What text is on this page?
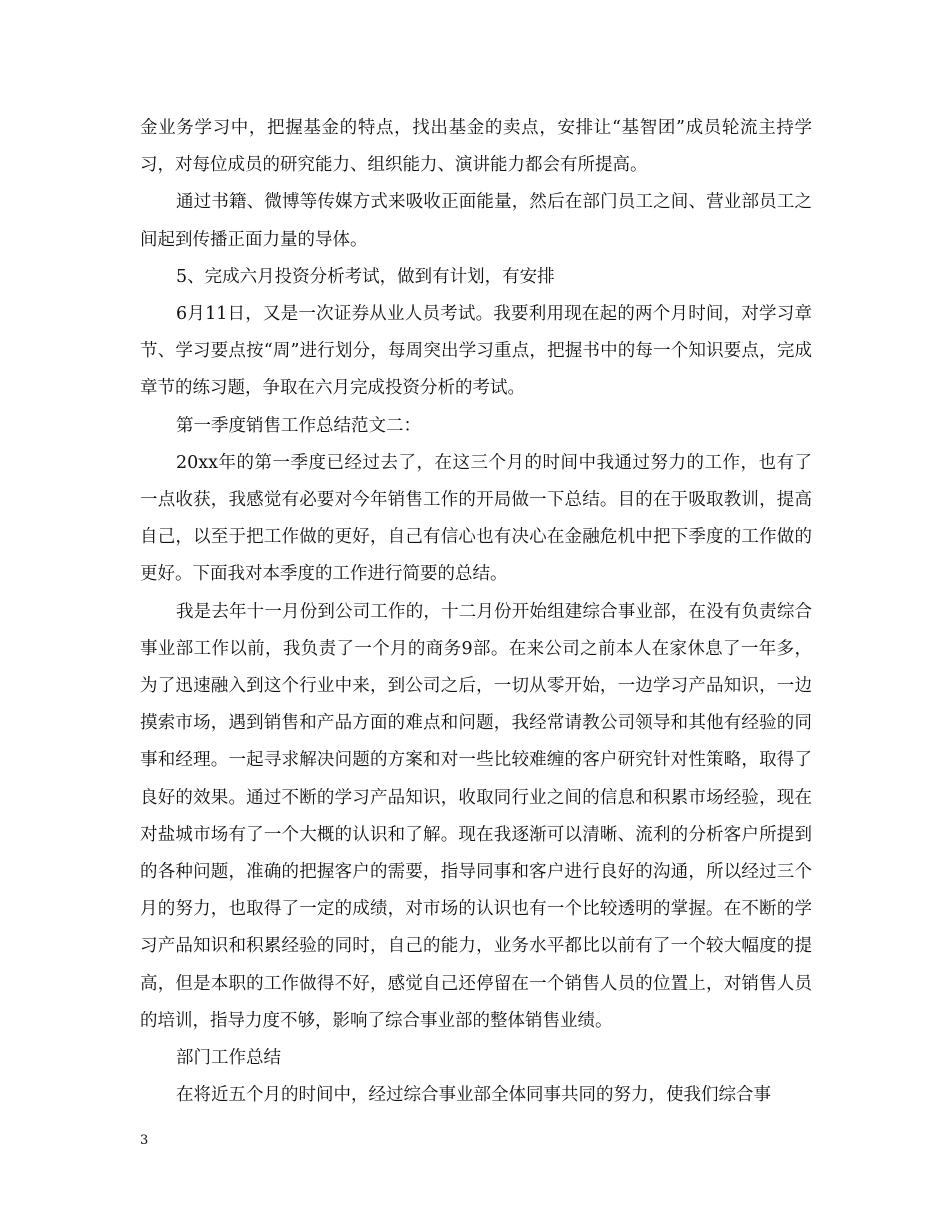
金业务学习中，把握基金的特点，找出基金的卖点，安排让“基智团”成员轮流主持学习，对每位成员的研究能力、组织能力、演讲能力都会有所提高。

通过书籍、微博等传媒方式来吸收正面能量，然后在部门员工之间、营业部员工之间起到传播正面力量的导体。

5、完成六月投资分析考试，做到有计划，有安排

6月11日，又是一次证券从业人员考试。我要利用现在起的两个月时间，对学习章节、学习要点按“周”进行划分，每周突出学习重点，把握书中的每一个知识要点，完成章节的练习题，争取在六月完成投资分析的考试。

第一季度销售工作总结范文二：

20xx年的第一季度已经过去了，在这三个月的时间中我通过努力的工作，也有了一点收获，我感觉有必要对今年销售工作的开局做一下总结。目的在于吸取教训，提高自己，以至于把工作做的更好，自己有信心也有决心在金融危机中把下季度的工作做的更好。下面我对本季度的工作进行简要的总结。

我是去年十一月份到公司工作的，十二月份开始组建综合事业部，在没有负责综合事业部工作以前，我负责了一个月的商务9部。在来公司之前本人在家休息了一年多，为了迅速融入到这个行业中来，到公司之后，一切从零开始，一边学习产品知识，一边摸索市场，遇到销售和产品方面的难点和问题，我经常请教公司领导和其他有经验的同事和经理。一起寻求解决问题的方案和对一些比较难缠的客户研究针对性策略，取得了良好的效果。通过不断的学习产品知识，收取同行业之间的信息和积累市场经验，现在对盐城市场有了一个大概的认识和了解。现在我逐渐可以清晰、流利的分析客户所提到的各种问题，准确的把握客户的需要，指导同事和客户进行良好的沟通，所以经过三个月的努力，也取得了一定的成绩，对市场的认识也有一个比较透明的掌握。在不断的学习产品知识和积累经验的同时，自己的能力，业务水平都比以前有了一个较大幅度的提高，但是本职的工作做得不好，感觉自己还停留在一个销售人员的位置上，对销售人员的培训，指导力度不够，影响了综合事业部的整体销售业绩。

部门工作总结

在将近五个月的时间中，经过综合事业部全体同事共同的努力，使我们综合事

3
